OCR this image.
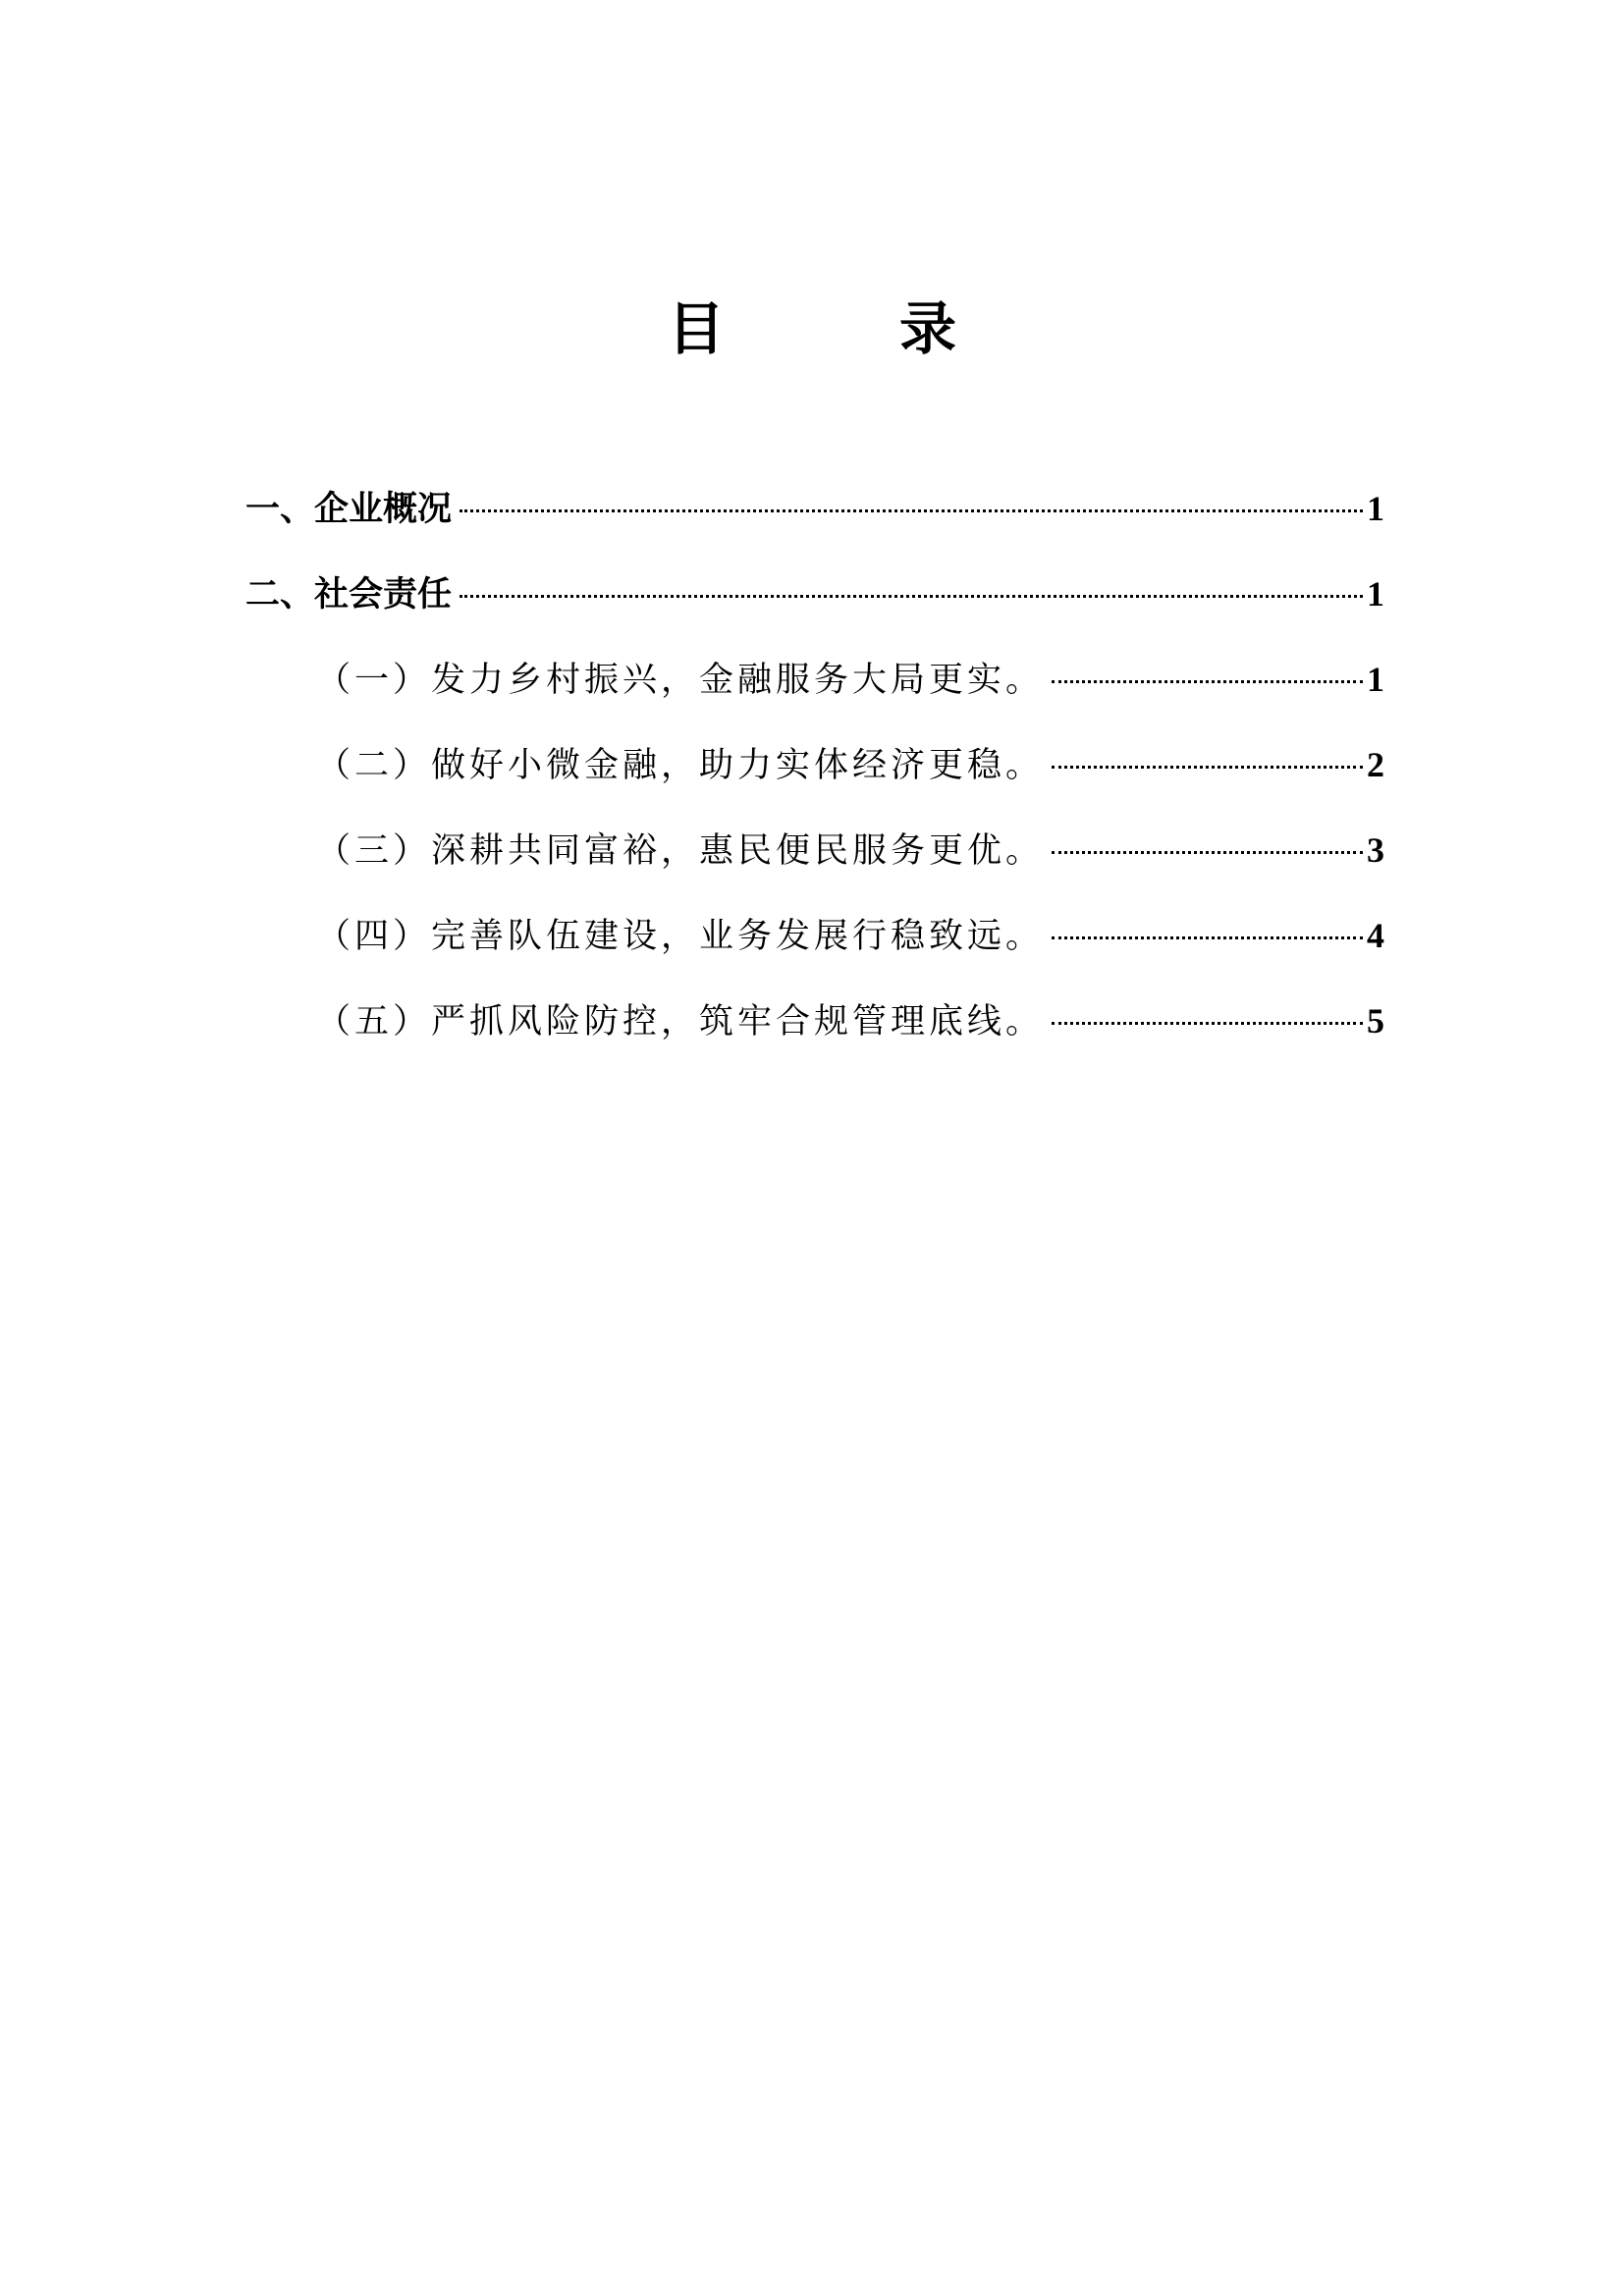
目　录
一、企业概况	1
二、社会责任	1
（一）发力乡村振兴，金融服务大局更实。	1
（二）做好小微金融，助力实体经济更稳。	2
（三）深耕共同富裕，惠民便民服务更优。	3
（四）完善队伍建设，业务发展行稳致远。	4
（五）严抓风险防控，筑牢合规管理底线。	5
